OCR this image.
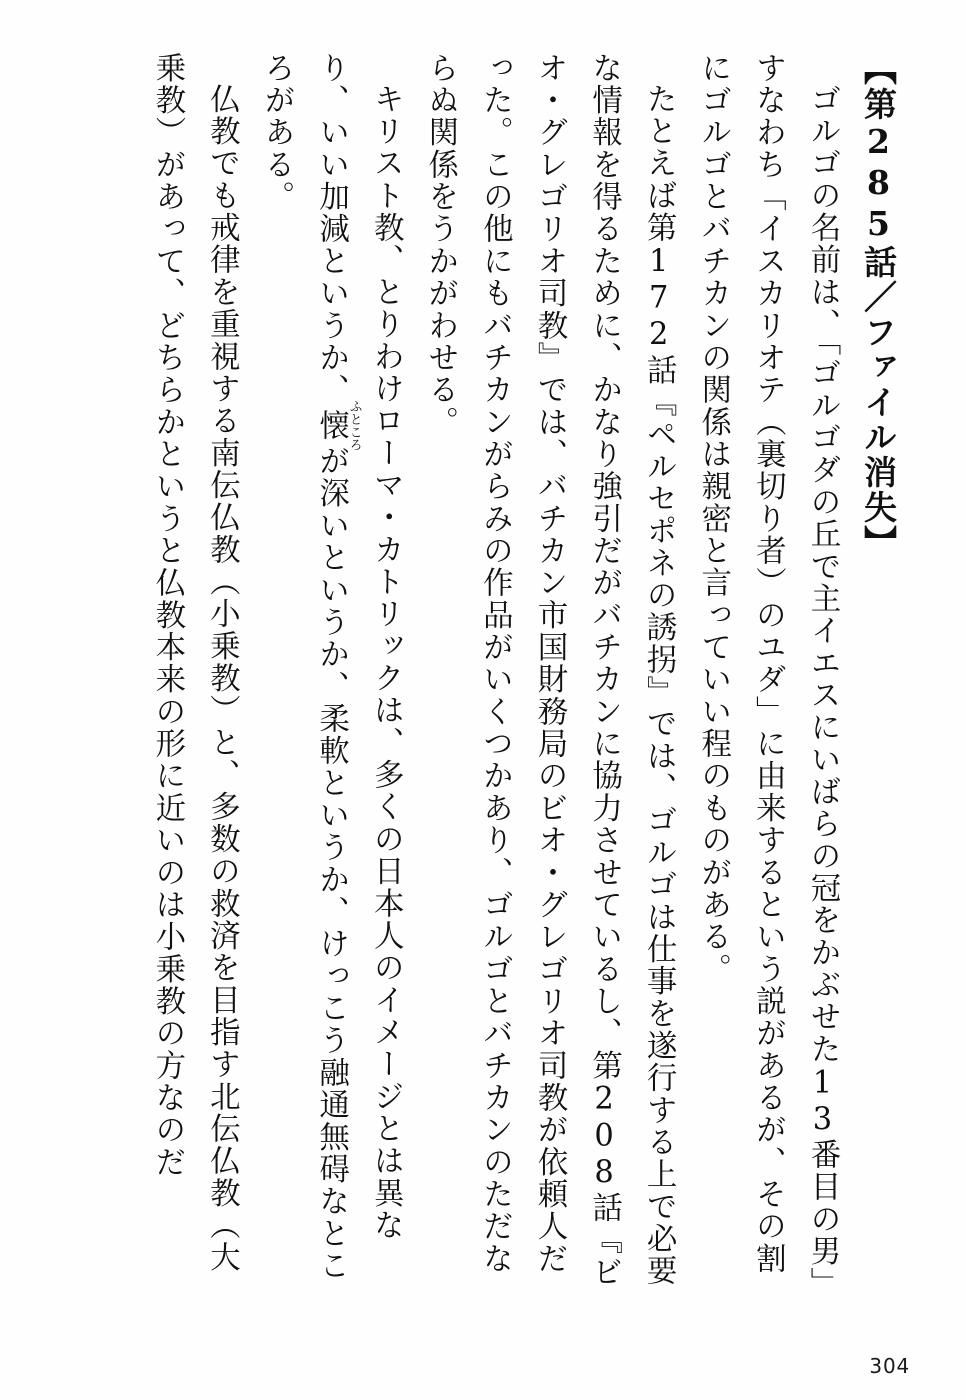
【第285話／ファイル消失】

ゴルゴの名前は、「ゴルゴダの丘で主イエスにいばらの冠をかぶせた13番目の男」すなわち「イスカリオテ（裏切り者）のユダ」に由来するという説があるが、その割にゴルゴとバチカンの関係は親密と言っていい程のものがある。

たとえば第172話『ペルセポネの誘拐』では、ゴルゴは仕事を遂行する上で必要な情報を得るために、かなり強引だがバチカンに協力させているし、第208話『ビオ・グレゴリオ司教』では、バチカン市国財務局のビオ・グレゴリオ司教が依頼人だった。この他にもバチカンがらみの作品がいくつかあり、ゴルゴとバチカンのただならぬ関係をうかがわせる。

キリスト教、とりわけローマ・カトリックは、多くの日本人のイメージとは異なり、いい加減というか、懐ふところが深いというか、柔軟というか、けっこう融通無碍なところがある。

仏教でも戒律を重視する南伝仏教（小乗教）と、多数の救済を目指す北伝仏教（大乗教）があって、どちらかというと仏教本来の形に近いのは小乗教の方なのだ

304
